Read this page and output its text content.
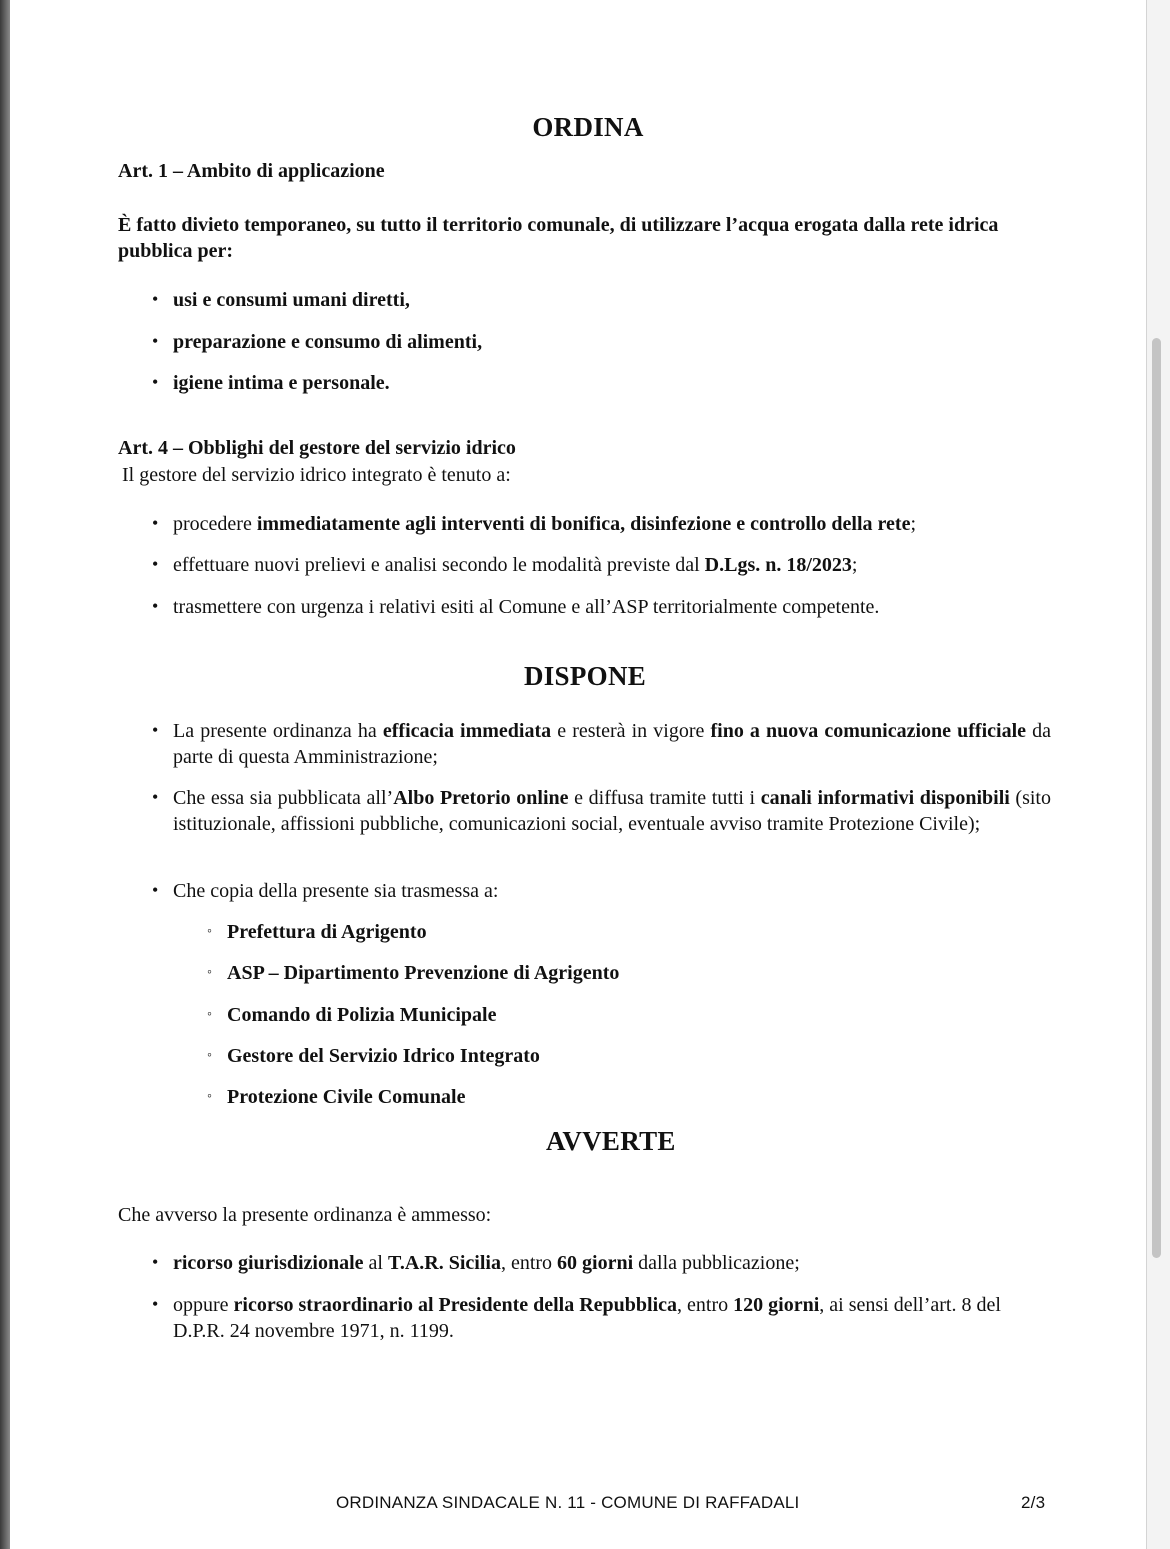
ORDINA
Art. 1 – Ambito di applicazione
È fatto divieto temporaneo, su tutto il territorio comunale, di utilizzare l’acqua erogata dalla rete idrica pubblica per:
• usi e consumi umani diretti,
• preparazione e consumo di alimenti,
• igiene intima e personale.
Art. 4 – Obblighi del gestore del servizio idrico
Il gestore del servizio idrico integrato è tenuto a:
• procedere immediatamente agli interventi di bonifica, disinfezione e controllo della rete;
• effettuare nuovi prelievi e analisi secondo le modalità previste dal D.Lgs. n. 18/2023;
• trasmettere con urgenza i relativi esiti al Comune e all’ASP territorialmente competente.
DISPONE
• La presente ordinanza ha efficacia immediata e resterà in vigore fino a nuova comunicazione ufficiale da parte di questa Amministrazione;
• Che essa sia pubblicata all’Albo Pretorio online e diffusa tramite tutti i canali informativi disponibili (sito istituzionale, affissioni pubbliche, comunicazioni social, eventuale avviso tramite Protezione Civile);
• Che copia della presente sia trasmessa a:
◦ Prefettura di Agrigento
◦ ASP – Dipartimento Prevenzione di Agrigento
◦ Comando di Polizia Municipale
◦ Gestore del Servizio Idrico Integrato
◦ Protezione Civile Comunale
AVVERTE
Che avverso la presente ordinanza è ammesso:
• ricorso giurisdizionale al T.A.R. Sicilia, entro 60 giorni dalla pubblicazione;
• oppure ricorso straordinario al Presidente della Repubblica, entro 120 giorni, ai sensi dell’art. 8 del D.P.R. 24 novembre 1971, n. 1199.
ORDINANZA SINDACALE N. 11 - COMUNE DI RAFFADALI	2/3
